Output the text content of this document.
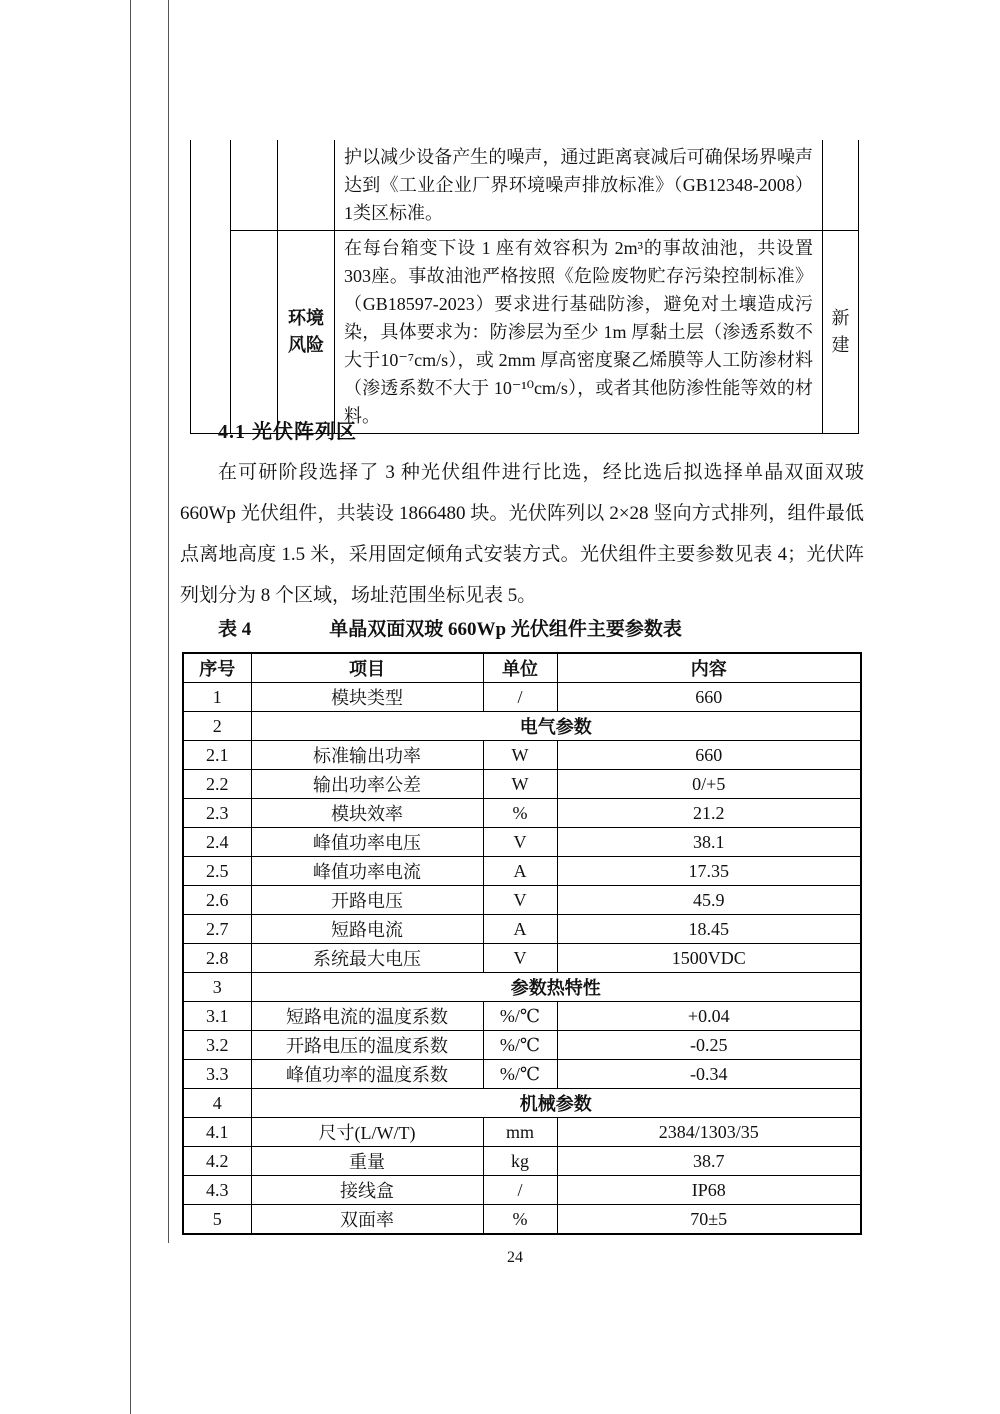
			护以减少设备产生的噪声，通过距离衰减后可确保场界噪声达到《工业企业厂界环境噪声排放标准》（GB12348-2008）1类区标准。	
		环境风险	在每台箱变下设 1 座有效容积为 2m³的事故油池，共设置 303座。事故油池严格按照《危险废物贮存污染控制标准》（GB18597-2023）要求进行基础防渗，避免对土壤造成污染，具体要求为：防渗层为至少 1m 厚黏土层（渗透系数不大于10⁻⁷cm/s），或 2mm 厚高密度聚乙烯膜等人工防渗材料（渗透系数不大于 10⁻¹⁰cm/s），或者其他防渗性能等效的材料。	新建
4.1 光伏阵列区
在可研阶段选择了 3 种光伏组件进行比选，经比选后拟选择单晶双面双玻 660Wp 光伏组件，共装设 1866480 块。光伏阵列以 2×28 竖向方式排列，组件最低点离地高度 1.5 米，采用固定倾角式安装方式。光伏组件主要参数见表 4；光伏阵列划分为 8 个区域，场址范围坐标见表 5。
表 4	单晶双面双玻 660Wp 光伏组件主要参数表
序号	项目	单位	内容
1	模块类型	/	660
2	电气参数		
2.1	标准输出功率	W	660
2.2	输出功率公差	W	0/+5
2.3	模块效率	%	21.2
2.4	峰值功率电压	V	38.1
2.5	峰值功率电流	A	17.35
2.6	开路电压	V	45.9
2.7	短路电流	A	18.45
2.8	系统最大电压	V	1500VDC
3	参数热特性		
3.1	短路电流的温度系数	%/℃	+0.04
3.2	开路电压的温度系数	%/℃	-0.25
3.3	峰值功率的温度系数	%/℃	-0.34
4	机械参数		
4.1	尺寸(L/W/T)	mm	2384/1303/35
4.2	重量	kg	38.7
4.3	接线盒	/	IP68
5	双面率	%	70±5
24
